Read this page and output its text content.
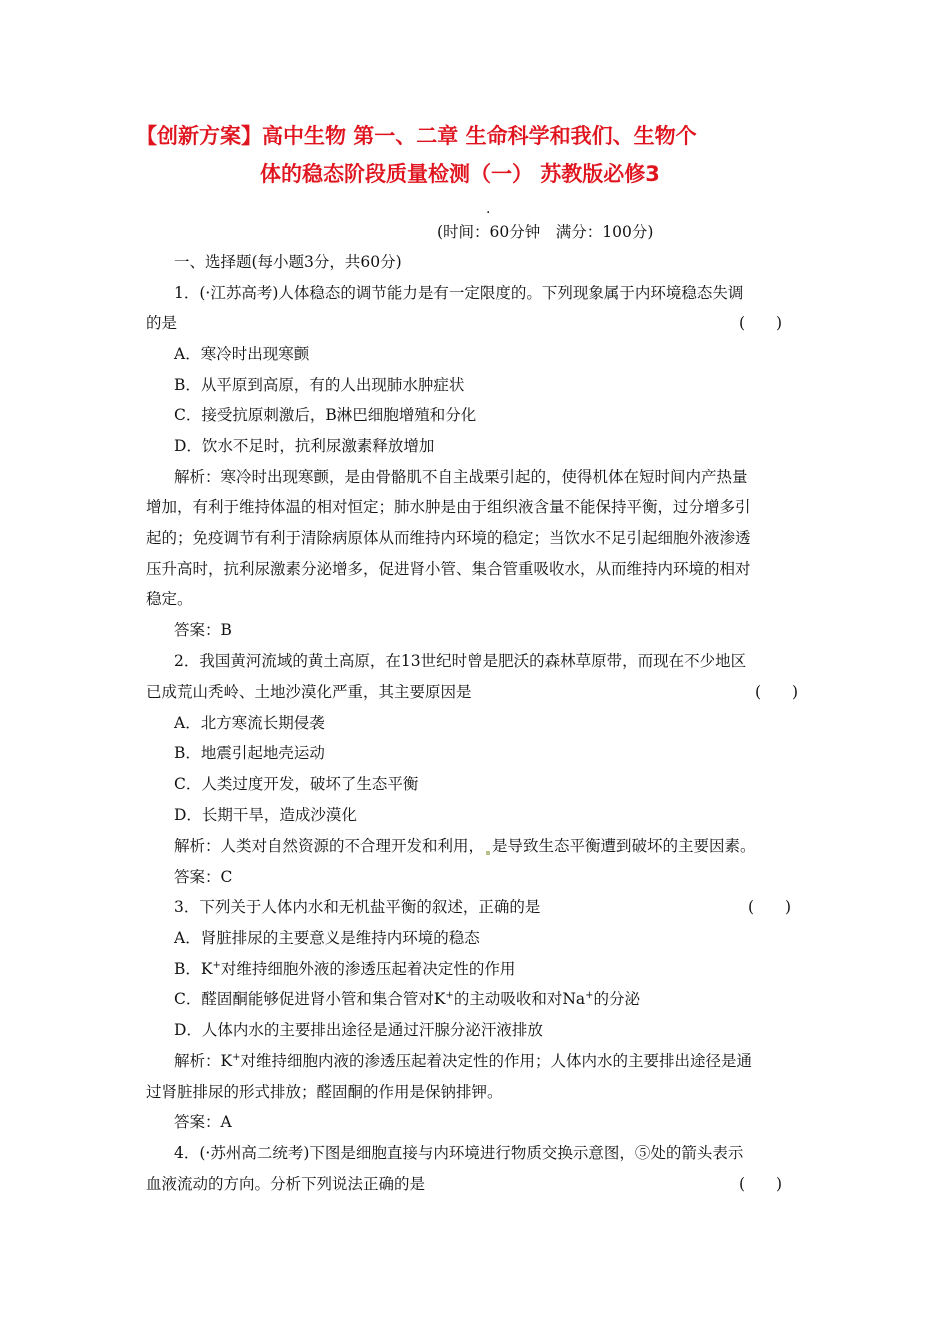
【创新方案】高中生物 第一、二章 生命科学和我们、生物个
体的稳态阶段质量检测（一） 苏教版必修3
.
(时间：60分钟　满分：100分)
一、选择题(每小题3分，共60分)
1．(·江苏高考)人体稳态的调节能力是有一定限度的。下列现象属于内环境稳态失调
的是	(　　)
A．寒冷时出现寒颤
B．从平原到高原，有的人出现肺水肿症状
C．接受抗原刺激后，B淋巴细胞增殖和分化
D．饮水不足时，抗利尿激素释放增加
解析：寒冷时出现寒颤，是由骨骼肌不自主战栗引起的，使得机体在短时间内产热量
增加，有利于维持体温的相对恒定；肺水肿是由于组织液含量不能保持平衡，过分增多引
起的；免疫调节有利于清除病原体从而维持内环境的稳定；当饮水不足引起细胞外液渗透
压升高时，抗利尿激素分泌增多，促进肾小管、集合管重吸收水，从而维持内环境的相对
稳定。
答案：B
2．我国黄河流域的黄土高原，在13世纪时曾是肥沃的森林草原带，而现在不少地区
已成荒山秃岭、土地沙漠化严重，其主要原因是	(　　)
A．北方寒流长期侵袭
B．地震引起地壳运动
C．人类过度开发，破坏了生态平衡
D．长期干旱，造成沙漠化
解析：人类对自然资源的不合理开发和利用， 是导致生态平衡遭到破坏的主要因素。
答案：C
3．下列关于人体内水和无机盐平衡的叙述，正确的是	(　　)
A．肾脏排尿的主要意义是维持内环境的稳态
B．K+对维持细胞外液的渗透压起着决定性的作用
C．醛固酮能够促进肾小管和集合管对K+的主动吸收和对Na+的分泌
D．人体内水的主要排出途径是通过汗腺分泌汗液排放
解析：K+对维持细胞内液的渗透压起着决定性的作用；人体内水的主要排出途径是通
过肾脏排尿的形式排放；醛固酮的作用是保钠排钾。
答案：A
4．(·苏州高二统考)下图是细胞直接与内环境进行物质交换示意图，⑤处的箭头表示
血液流动的方向。分析下列说法正确的是	(　　)
